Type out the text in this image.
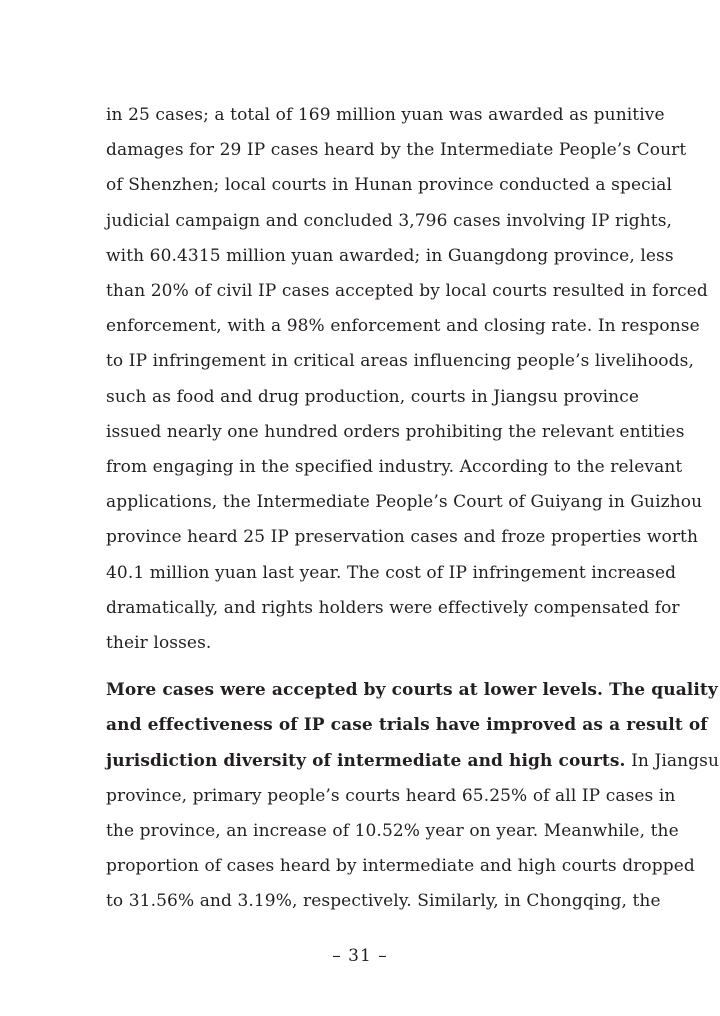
in 25 cases; a total of 169 million yuan was awarded as punitive
damages for 29 IP cases heard by the Intermediate People’s Court
of Shenzhen; local courts in Hunan province conducted a special
judicial campaign and concluded 3,796 cases involving IP rights,
with 60.4315 million yuan awarded; in Guangdong province, less
than 20% of civil IP cases accepted by local courts resulted in forced
enforcement, with a 98% enforcement and closing rate. In response
to IP infringement in critical areas influencing people’s livelihoods,
such as food and drug production, courts in Jiangsu province
issued nearly one hundred orders prohibiting the relevant entities
from engaging in the specified industry. According to the relevant
applications, the Intermediate People’s Court of Guiyang in Guizhou
province heard 25 IP preservation cases and froze properties worth
40.1 million yuan last year. The cost of IP infringement increased
dramatically, and rights holders were effectively compensated for
their losses.

More cases were accepted by courts at lower levels. The quality
and effectiveness of IP case trials have improved as a result of
jurisdiction diversity of intermediate and high courts. In Jiangsu
province, primary people’s courts heard 65.25% of all IP cases in
the province, an increase of 10.52% year on year. Meanwhile, the
proportion of cases heard by intermediate and high courts dropped
to 31.56% and 3.19%, respectively. Similarly, in Chongqing, the

– 31 –
